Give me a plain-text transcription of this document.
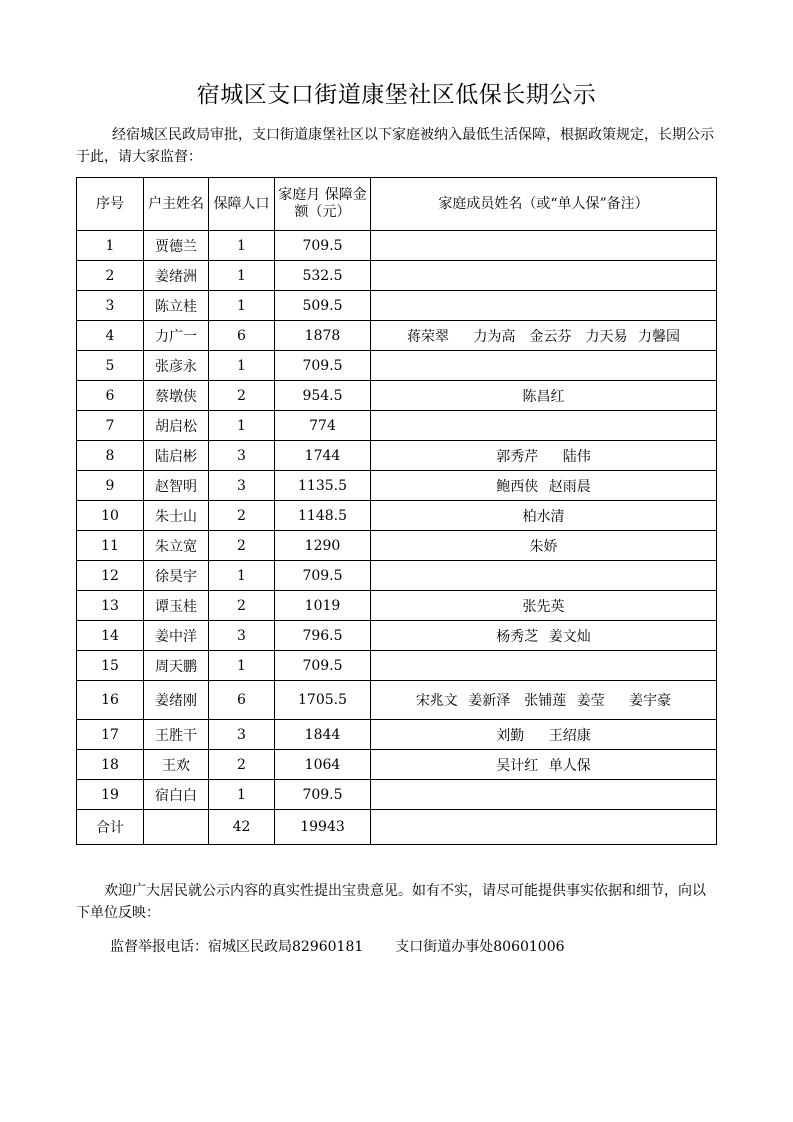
宿城区支口街道康堡社区低保长期公示

经宿城区民政局审批，支口街道康堡社区以下家庭被纳入最低生活保障，根据政策规定，长期公示于此，请大家监督：

序号	户主姓名	保障人口	家庭月 保障金额（元）	家庭成员姓名（或“单人保”备注）
1	贾德兰	1	709.5	
2	姜绪洲	1	532.5	
3	陈立桂	1	509.5	
4	力广一	6	1878	蒋荣翠　 力为高　金云芬　力天易 力馨园
5	张彦永	1	709.5	
6	蔡墩侠	2	954.5	陈昌红
7	胡启松	1	774	
8	陆启彬	3	1744	郭秀芹　 陆伟
9	赵智明	3	1135.5	鲍西侠 赵雨晨
10	朱士山	2	1148.5	柏水清
11	朱立宽	2	1290	朱娇
12	徐昊宇	1	709.5	
13	谭玉桂	2	1019	张先英
14	姜中洋	3	796.5	杨秀芝 姜文灿
15	周天鹏	1	709.5	
16	姜绪刚	6	1705.5	宋兆文 姜新泽　张铺莲 姜莹　 姜宇豪
17	王胜干	3	1844	刘勤　 王绍康
18	王欢	2	1064	吴计红 单人保
19	宿白白	1	709.5	
合计		42	19943	

欢迎广大居民就公示内容的真实性提出宝贵意见。如有不实，请尽可能提供事实依据和细节，向以下单位反映：

监督举报电话：宿城区民政局82960181 支口街道办事处80601006
